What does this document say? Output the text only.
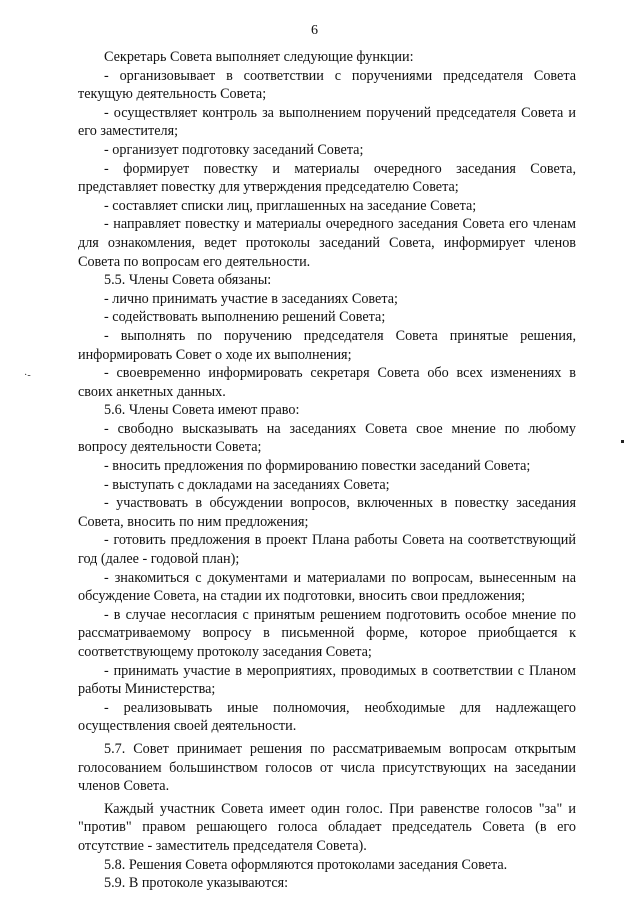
6
·-

Секретарь Совета выполняет следующие функции:

- организовывает в соответствии с поручениями председателя Совета текущую деятельность Совета;

- осуществляет контроль за выполнением поручений председателя Совета и его заместителя;

- организует подготовку заседаний Совета;

- формирует повестку и материалы очередного заседания Совета, представляет повестку для утверждения председателю Совета;

- составляет списки лиц, приглашенных на заседание Совета;

- направляет повестку и материалы очередного заседания Совета его членам для ознакомления, ведет протоколы заседаний Совета, информирует членов Совета по вопросам его деятельности.

5.5. Члены Совета обязаны:

- лично принимать участие в заседаниях Совета;

- содействовать выполнению решений Совета;

- выполнять по поручению председателя Совета принятые решения, информировать Совет о ходе их выполнения;

- своевременно информировать секретаря Совета обо всех изменениях в своих анкетных данных.

5.6. Члены Совета имеют право:

- свободно высказывать на заседаниях Совета свое мнение по любому вопросу деятельности Совета;

- вносить предложения по формированию повестки заседаний Совета;

- выступать с докладами на заседаниях Совета;

- участвовать в обсуждении вопросов, включенных в повестку заседания Совета, вносить по ним предложения;

- готовить предложения в проект Плана работы Совета на соответствующий год (далее - годовой план);

- знакомиться с документами и материалами по вопросам, вынесенным на обсуждение Совета, на стадии их подготовки, вносить свои предложения;

- в случае несогласия с принятым решением подготовить особое мнение по рассматриваемому вопросу в письменной форме, которое приобщается к соответствующему протоколу заседания Совета;

- принимать участие в мероприятиях, проводимых в соответствии с Планом работы Министерства;

- реализовывать иные полномочия, необходимые для надлежащего осуществления своей деятельности.

5.7. Совет принимает решения по рассматриваемым вопросам открытым голосованием большинством голосов от числа присутствующих на заседании членов Совета.

Каждый участник Совета имеет один голос. При равенстве голосов "за" и "против" правом решающего голоса обладает председатель Совета (в его отсутствие - заместитель председателя Совета).

5.8. Решения Совета оформляются протоколами заседания Совета.

5.9. В протоколе указываются:
